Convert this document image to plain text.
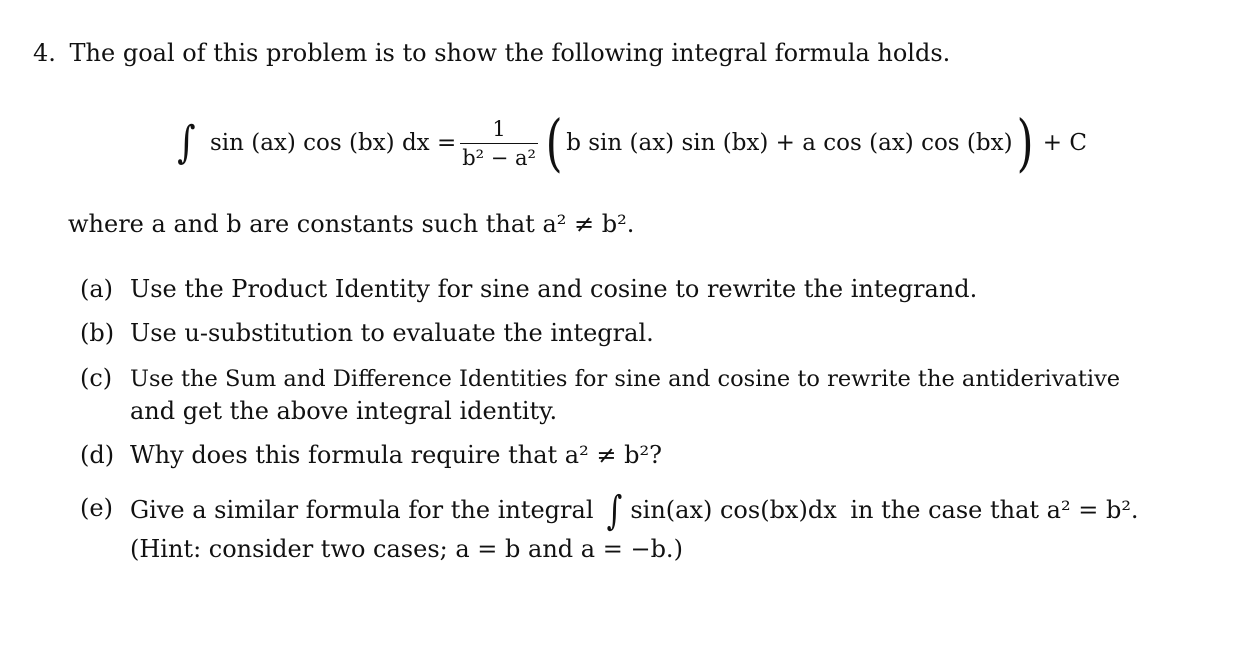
4. The goal of this problem is to show the following integral formula holds.
∫ sin (ax) cos (bx) dx = $\frac{1}{\text{b² − a²}}$ ( b sin (ax) sin (bx) + a cos (ax) cos (bx) ) + C
where a and b are constants such that a² ≠ b².
(a) Use the Product Identity for sine and cosine to rewrite the integrand.
(b) Use u-substitution to evaluate the integral.
(c) Use the Sum and Difference Identities for sine and cosine to rewrite the antiderivative
and get the above integral identity.
(d) Why does this formula require that a² ≠ b²?
(e) Give a similar formula for the integral ∫ sin(ax) cos(bx)dx in the case that a² = b².
(Hint: consider two cases; a = b and a = −b.)
